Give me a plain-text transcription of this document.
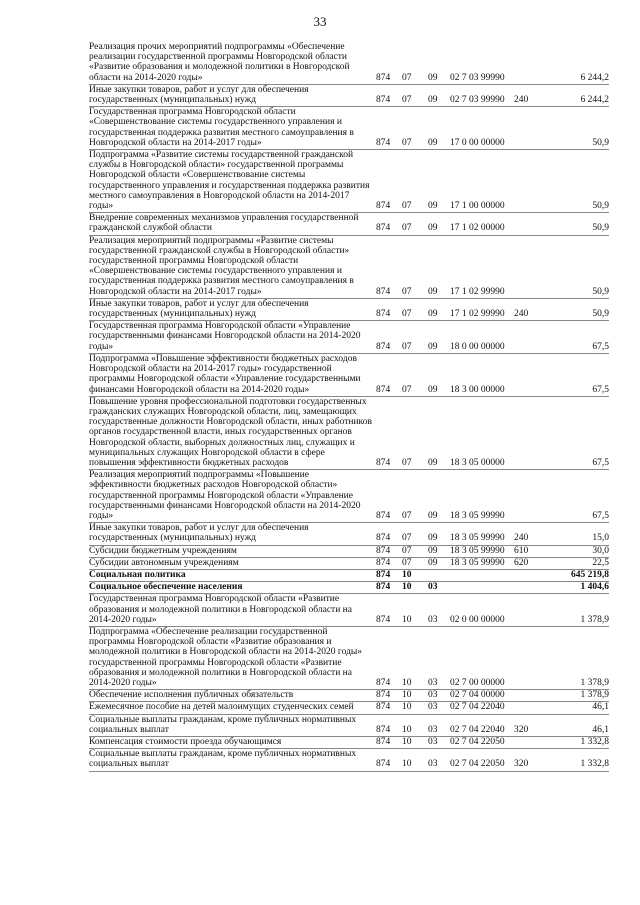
33
Реализация прочих мероприятий подпрограммы «Обеспечение реализации государственной программы Новгородской области «Развитие образования и молодежной политики в Новгородской области на 2014-2020 годы»	874	07	09	02 7 03 99990		6 244,2
Иные закупки товаров, работ и услуг для обеспечения государственных (муниципальных) нужд	874	07	09	02 7 03 99990	240	6 244,2
Государственная программа Новгородской области «Совершенствование системы государственного управления и государственная поддержка развития местного самоуправления в Новгородской области на 2014-2017 годы»	874	07	09	17 0 00 00000		50,9
Подпрограмма «Развитие системы государственной гражданской службы в Новгородской области» государственной программы Новгородской области «Совершенствование системы государственного управления и государственная поддержка развития местного самоуправления в Новгородской области на 2014-2017 годы»	874	07	09	17 1 00 00000		50,9
Внедрение современных механизмов управления государственной гражданской службой области	874	07	09	17 1 02 00000		50,9
Реализация мероприятий подпрограммы «Развитие системы государственной гражданской службы в Новгородской области» государственной программы Новгородской области «Совершенствование системы государственного управления и государственная поддержка развития местного самоуправления в Новгородской области на 2014-2017 годы»	874	07	09	17 1 02 99990		50,9
Иные закупки товаров, работ и услуг для обеспечения государственных (муниципальных) нужд	874	07	09	17 1 02 99990	240	50,9
Государственная программа Новгородской области «Управление государственными финансами Новгородской области на 2014-2020 годы»	874	07	09	18 0 00 00000		67,5
Подпрограмма «Повышение эффективности бюджетных расходов Новгородской области на 2014-2017 годы» государственной программы Новгородской области «Управление государственными финансами Новгородской области на 2014-2020 годы»	874	07	09	18 3 00 00000		67,5
Повышение уровня профессиональной подготовки государственных гражданских служащих Новгородской области, лиц, замещающих государственные должности Новгородской области, иных работников органов государственной власти, иных государственных органов Новгородской области, выборных должностных лиц, служащих и муниципальных служащих Новгородской области в сфере повышения эффективности бюджетных расходов	874	07	09	18 3 05 00000		67,5
Реализация мероприятий подпрограммы «Повышение эффективности бюджетных расходов Новгородской области» государственной программы Новгородской области «Управление государственными финансами Новгородской области на 2014-2020 годы»	874	07	09	18 3 05 99990		67,5
Иные закупки товаров, работ и услуг для обеспечения государственных (муниципальных) нужд	874	07	09	18 3 05 99990	240	15,0
Субсидии бюджетным учреждениям	874	07	09	18 3 05 99990	610	30,0
Субсидии автономным учреждениям	874	07	09	18 3 05 99990	620	22,5
Социальная политика	874	10				645 219,8
Социальное обеспечение населения	874	10	03			1 404,6
Государственная программа Новгородской области «Развитие образования и молодежной политики в Новгородской области на 2014-2020 годы»	874	10	03	02 0 00 00000		1 378,9
Подпрограмма «Обеспечение реализации государственной программы Новгородской области «Развитие образования и молодежной политики в Новгородской области на 2014-2020 годы» государственной программы Новгородской области «Развитие образования и молодежной политики в Новгородской области на 2014-2020 годы»	874	10	03	02 7 00 00000		1 378,9
Обеспечение исполнения публичных обязательств	874	10	03	02 7 04 00000		1 378,9
Ежемесячное пособие на детей малоимущих студенческих семей	874	10	03	02 7 04 22040		46,1
Социальные выплаты гражданам, кроме публичных нормативных социальных выплат	874	10	03	02 7 04 22040	320	46,1
Компенсация стоимости проезда обучающимся	874	10	03	02 7 04 22050		1 332,8
Социальные выплаты гражданам, кроме публичных нормативных социальных выплат	874	10	03	02 7 04 22050	320	1 332,8
